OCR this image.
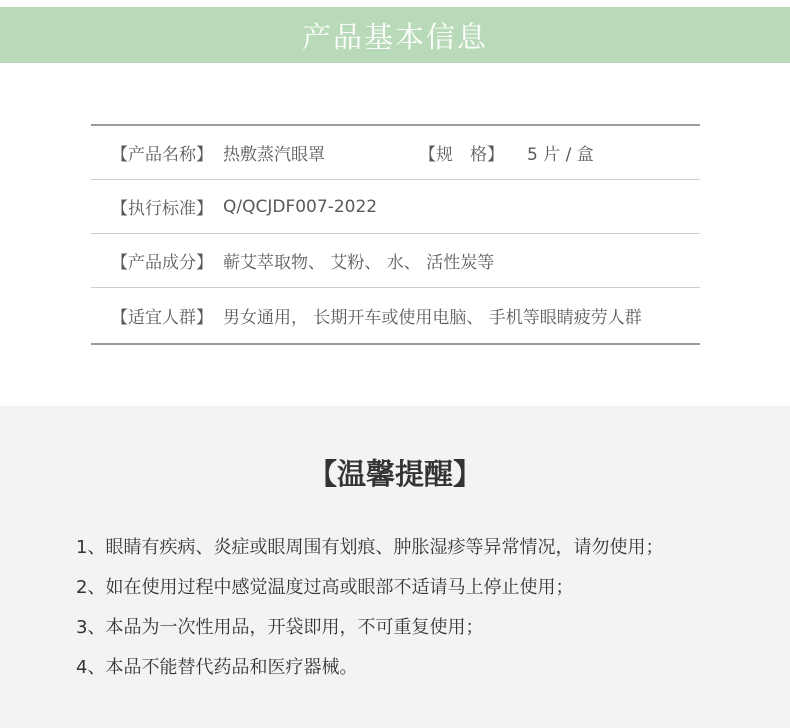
产品基本信息
【产品名称】 热敷蒸汽眼罩	【规　格】 5 片 / 盒
【执行标准】 Q/QCJDF007-2022
【产品成分】 蕲艾萃取物、 艾粉、 水、 活性炭等
【适宜人群】 男女通用， 长期开车或使用电脑、 手机等眼睛疲劳人群
【温馨提醒】
1、眼睛有疾病、炎症或眼周围有划痕、肿胀湿疹等异常情况，请勿使用；
2、如在使用过程中感觉温度过高或眼部不适请马上停止使用；
3、本品为一次性用品，开袋即用，不可重复使用；
4、本品不能替代药品和医疗器械。
